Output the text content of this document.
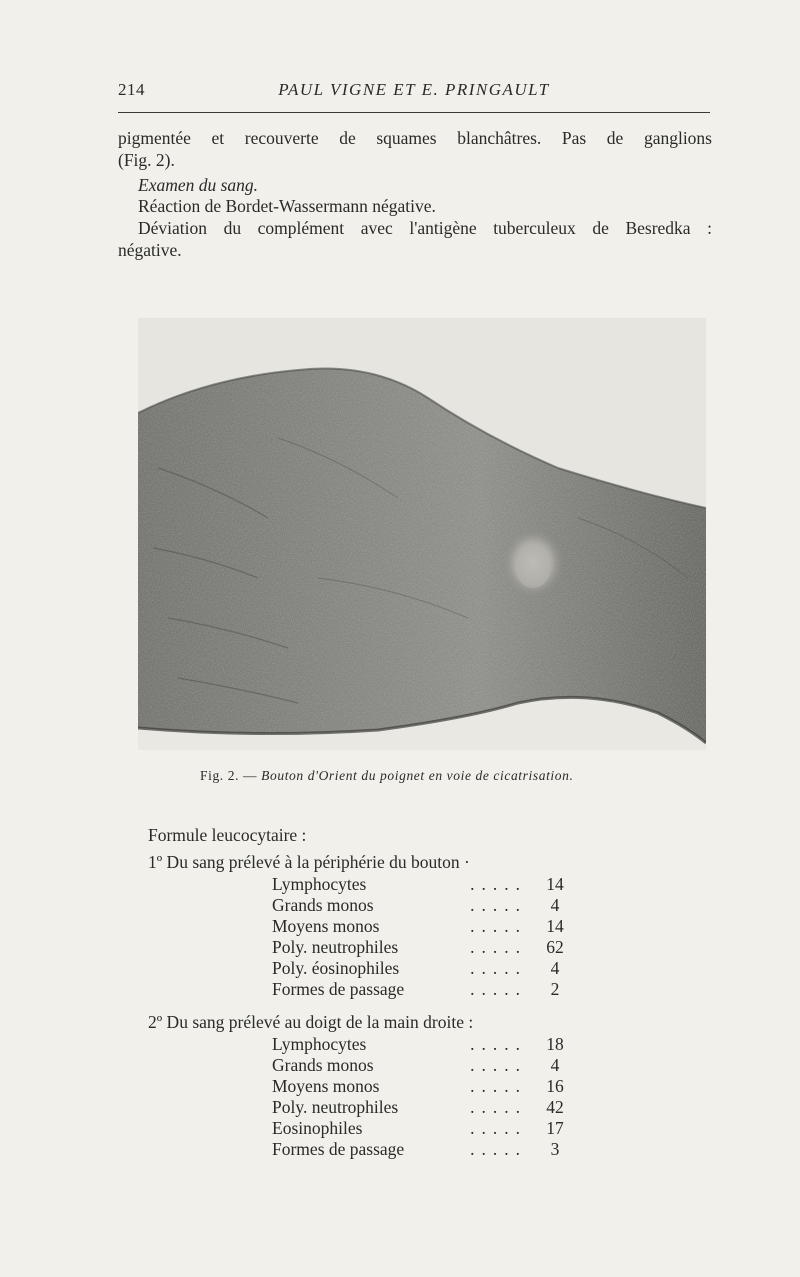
214	PAUL VIGNE ET E. PRINGAULT

pigmentée et recouverte de squames blanchâtres. Pas de ganglions

(Fig. 2).

Examen du sang.

Réaction de Bordet-Wassermann négative.

Déviation du complément avec l'antigène tuberculeux de Besredka :

négative.

Fig. 2. — Bouton d'Orient du poignet en voie de cicatrisation.
Formule leucocytaire :
1º Du sang prélevé à la périphérie du bouton ·
.....
Lymphocytes	14
.....
Grands monos	4
.....
Moyens monos	14
.....
Poly. neutrophiles	62
.....
Poly. éosinophiles	4
.....
Formes de passage	2
2º Du sang prélevé au doigt de la main droite :
.....
Lymphocytes	18
.....
Grands monos	4
.....
Moyens monos	16
.....
Poly. neutrophiles	42
.....
Eosinophiles	17
.....
Formes de passage	3
